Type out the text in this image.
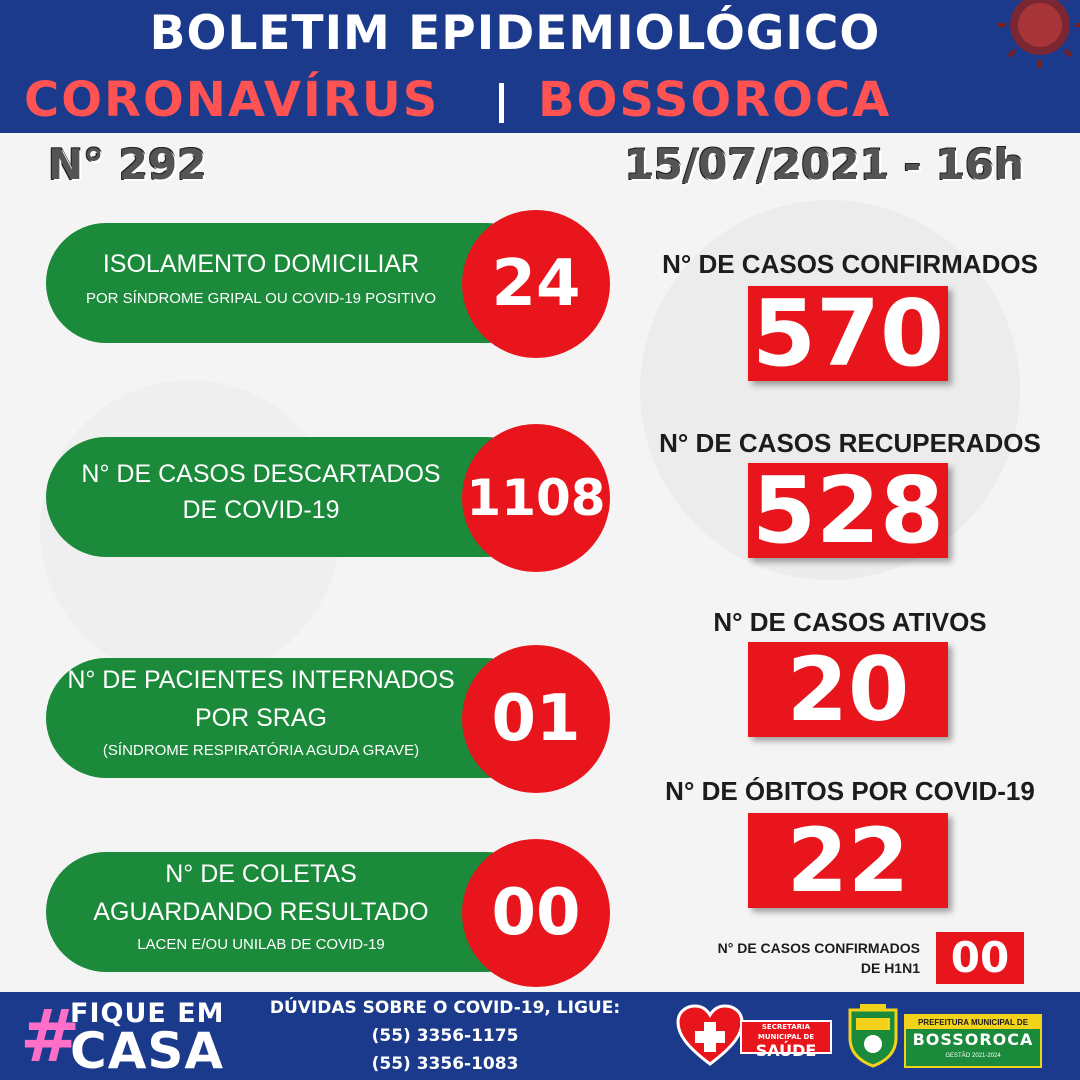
BOLETIM EPIDEMIOLÓGICO
CORONAVÍRUS BOSSOROCA
N° 292	15/07/2021 - 16h
ISOLAMENTO DOMICILIAR
POR SÍNDROME GRIPAL OU COVID-19 POSITIVO 24
N° DE CASOS DESCARTADOS
DE COVID-19	1108
N° DE PACIENTES INTERNADOS
POR SRAG
(SÍNDROME RESPIRATÓRIA AGUDA GRAVE)	01
N° DE COLETAS
AGUARDANDO RESULTADO
LACEN E/OU UNILAB DE COVID-19	00
N° DE CASOS CONFIRMADOS
570
N° DE CASOS RECUPERADOS
528
N° DE CASOS ATIVOS
20
N° DE ÓBITOS POR COVID-19
22
N° DE CASOS CONFIRMADOS
DE H1N1 00
#
FIQUE EM
CASA
DÚVIDAS SOBRE O COVID-19, LIGUE:
(55) 3356-1175
(55) 3356-1083
SECRETARIA MUNICIPAL DE
SAÚDE
PREFEITURA MUNICIPAL DE
BOSSOROCA
GESTÃO 2021-2024
